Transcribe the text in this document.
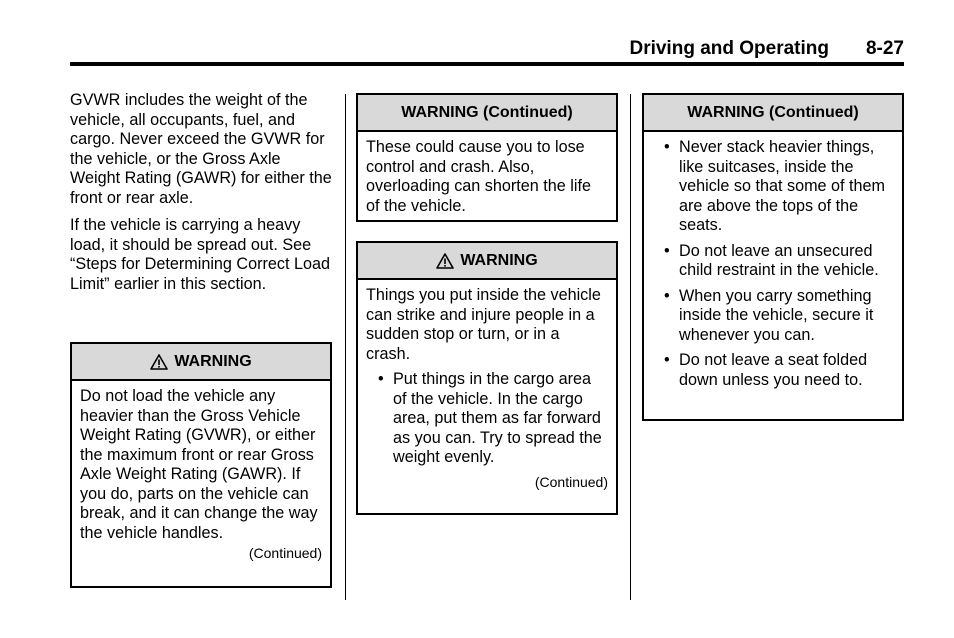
Driving and Operating 8-27

GVWR includes the weight of the vehicle, all occupants, fuel, and cargo. Never exceed the GVWR for the vehicle, or the Gross Axle Weight Rating (GAWR) for either the front or rear axle.

If the vehicle is carrying a heavy load, it should be spread out. See “Steps for Determining Correct Load Limit” earlier in this section.

WARNING

Do not load the vehicle any heavier than the Gross Vehicle Weight Rating (GVWR), or either the maximum front or rear Gross Axle Weight Rating (GAWR). If you do, parts on the vehicle can break, and it can change the way the vehicle handles.

(Continued)
WARNING (Continued)

These could cause you to lose control and crash. Also, overloading can shorten the life of the vehicle.

WARNING

Things you put inside the vehicle can strike and injure people in a sudden stop or turn, or in a crash.

• Put things in the cargo area of the vehicle. In the cargo area, put them as far forward as you can. Try to spread the weight evenly.
(Continued)
WARNING (Continued)
• Never stack heavier things, like suitcases, inside the vehicle so that some of them are above the tops of the seats.
• Do not leave an unsecured child restraint in the vehicle.
• When you carry something inside the vehicle, secure it whenever you can.
• Do not leave a seat folded down unless you need to.
